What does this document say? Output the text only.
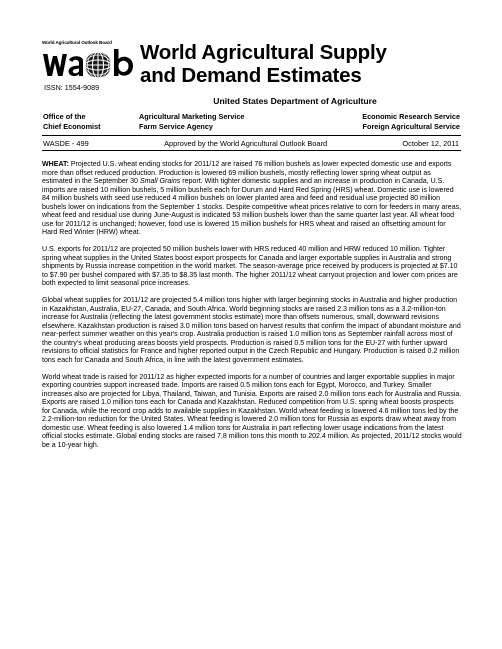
World Agricultural Outlook Board
ISSN: 1554-9089
World Agricultural Supply
and Demand Estimates
United States Department of Agriculture
Office of the
Chief Economist
Agricultural Marketing Service
Farm Service Agency
Economic Research Service
Foreign Agricultural Service
WASDE - 499	Approved by the World Agricultural Outlook Board	October 12, 2011

WHEAT: Projected U.S. wheat ending stocks for 2011/12 are raised 76 million bushels as lower expected domestic use and exports more than offset reduced production. Production is lowered 69 million bushels, mostly reflecting lower spring wheat output as estimated in the September 30 Small Grains report. With tighter domestic supplies and an increase in production in Canada, U.S. imports are raised 10 million bushels, 5 million bushels each for Durum and Hard Red Spring (HRS) wheat. Domestic use is lowered 84 million bushels with seed use reduced 4 million bushels on lower planted area and feed and residual use projected 80 million bushels lower on indications from the September 1 stocks. Despite competitive wheat prices relative to corn for feeders in many areas, wheat feed and residual use during June-August is indicated 53 million bushels lower than the same quarter last year. All wheat food use for 2011/12 is unchanged; however, food use is lowered 15 million bushels for HRS wheat and raised an offsetting amount for Hard Red Winter (HRW) wheat.

U.S. exports for 2011/12 are projected 50 million bushels lower with HRS reduced 40 million and HRW reduced 10 million. Tighter spring wheat supplies in the United States boost export prospects for Canada and larger exportable supplies in Australia and strong shipments by Russia increase competition in the world market. The season-average price received by producers is projected at $7.10 to $7.90 per bushel compared with $7.35 to $8.35 last month. The higher 2011/12 wheat carryout projection and lower corn prices are both expected to limit seasonal price increases.

Global wheat supplies for 2011/12 are projected 5.4 million tons higher with larger beginning stocks in Australia and higher production in Kazakhstan, Australia, EU-27, Canada, and South Africa. World beginning stocks are raised 2.3 million tons as a 3.2-million-ton increase for Australia (reflecting the latest government stocks estimate) more than offsets numerous, small, downward revisions elsewhere. Kazakhstan production is raised 3.0 million tons based on harvest results that confirm the impact of abundant moisture and near-perfect summer weather on this year's crop. Australia production is raised 1.0 million tons as September rainfall across most of the country's wheat producing areas boosts yield prospects. Production is raised 0.5 million tons for the EU-27 with further upward revisions to official statistics for France and higher reported output in the Czech Republic and Hungary. Production is raised 0.2 million tons each for Canada and South Africa, in line with the latest government estimates.

World wheat trade is raised for 2011/12 as higher expected imports for a number of countries and larger exportable supplies in major exporting countries support increased trade. Imports are raised 0.5 million tons each for Egypt, Morocco, and Turkey. Smaller increases also are projected for Libya, Thailand, Taiwan, and Tunisia. Exports are raised 2.0 million tons each for Australia and Russia. Exports are raised 1.0 million tons each for Canada and Kazakhstan. Reduced competition from U.S. spring wheat boosts prospects for Canada, while the record crop adds to available supplies in Kazakhstan. World wheat feeding is lowered 4.6 million tons led by the 2.2-million-ton reduction for the United States. Wheat feeding is lowered 2.0 million tons for Russia as exports draw wheat away from domestic use. Wheat feeding is also lowered 1.4 million tons for Australia in part reflecting lower usage indications from the latest official stocks estimate. Global ending stocks are raised 7.8 million tons this month to 202.4 million. As projected, 2011/12 stocks would be a 10-year high.
